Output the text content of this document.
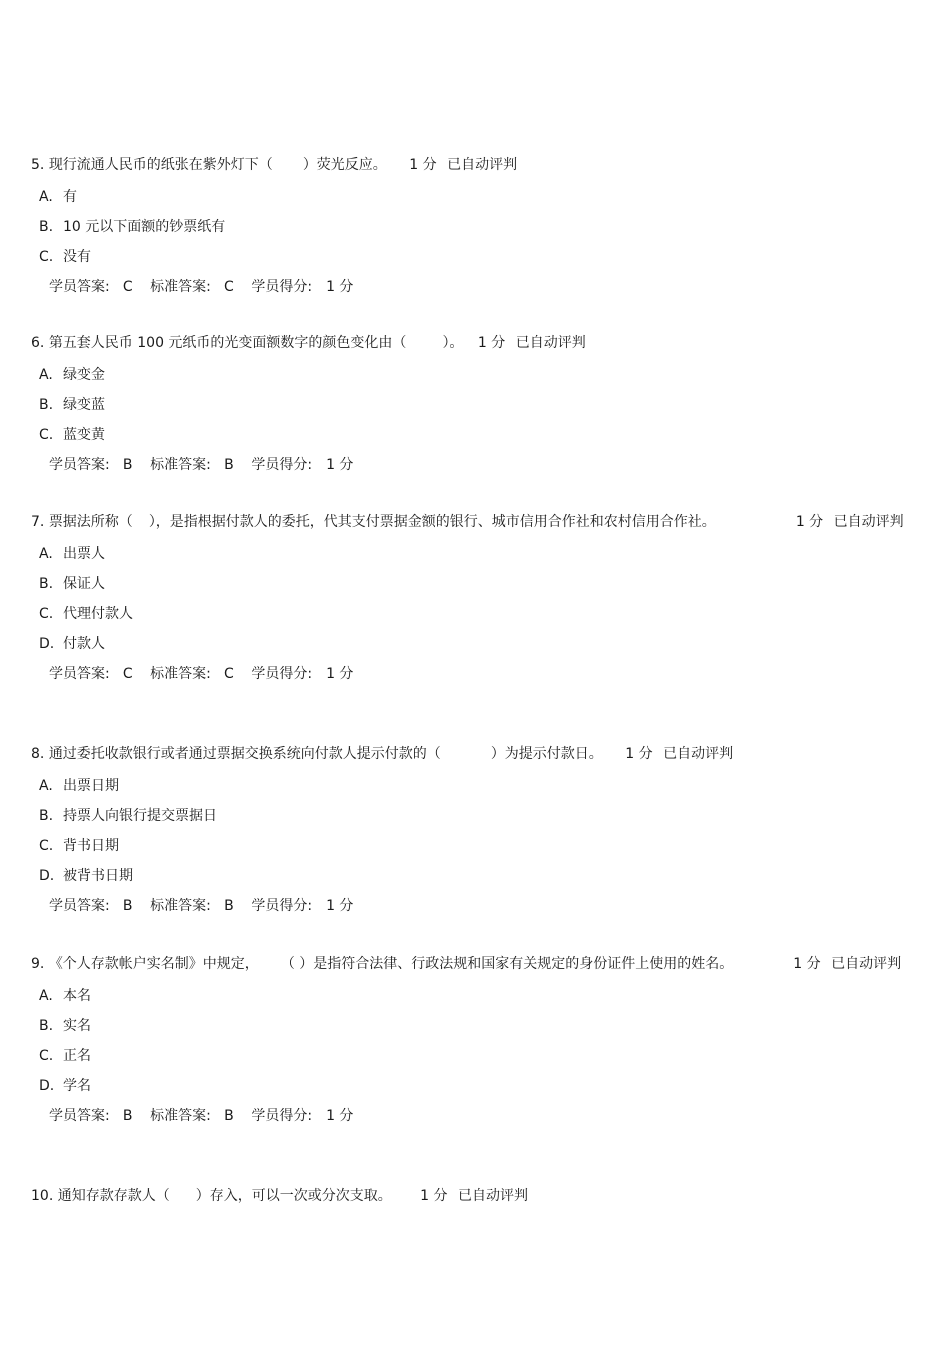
5. 现行流通人民币的纸张在紫外灯下（ ）荧光反应。 1 分 已自动评判
A. 有
B. 10 元以下面额的钞票纸有
C. 没有
学员答案: C 标准答案: C 学员得分: 1 分
6. 第五套人民币 100 元纸币的光变面额数字的颜色变化由（	）。 1 分 已自动评判
A. 绿变金
B. 绿变蓝
C. 蓝变黄
学员答案: B 标准答案: B 学员得分: 1 分
7. 票据法所称（ ），是指根据付款人的委托，代其支付票据金额的银行、城市信用合作社和农村信用合作社。	1 分 已自动评判
A. 出票人
B. 保证人
C. 代理付款人
D. 付款人
学员答案: C 标准答案: C 学员得分: 1 分
8. 通过委托收款银行或者通过票据交换系统向付款人提示付款的（	）为提示付款日。 1 分 已自动评判
A. 出票日期
B. 持票人向银行提交票据日
C. 背书日期
D. 被背书日期
学员答案: B 标准答案: B 学员得分: 1 分
9. 《个人存款帐户实名制》中规定， （ ）是指符合法律、行政法规和国家有关规定的身份证件上使用的姓名。	1 分 已自动评判
A. 本名
B. 实名
C. 正名
D. 学名
学员答案: B 标准答案: B 学员得分: 1 分
10. 通知存款存款人（ ）存入，可以一次或分次支取。 1 分 已自动评判
